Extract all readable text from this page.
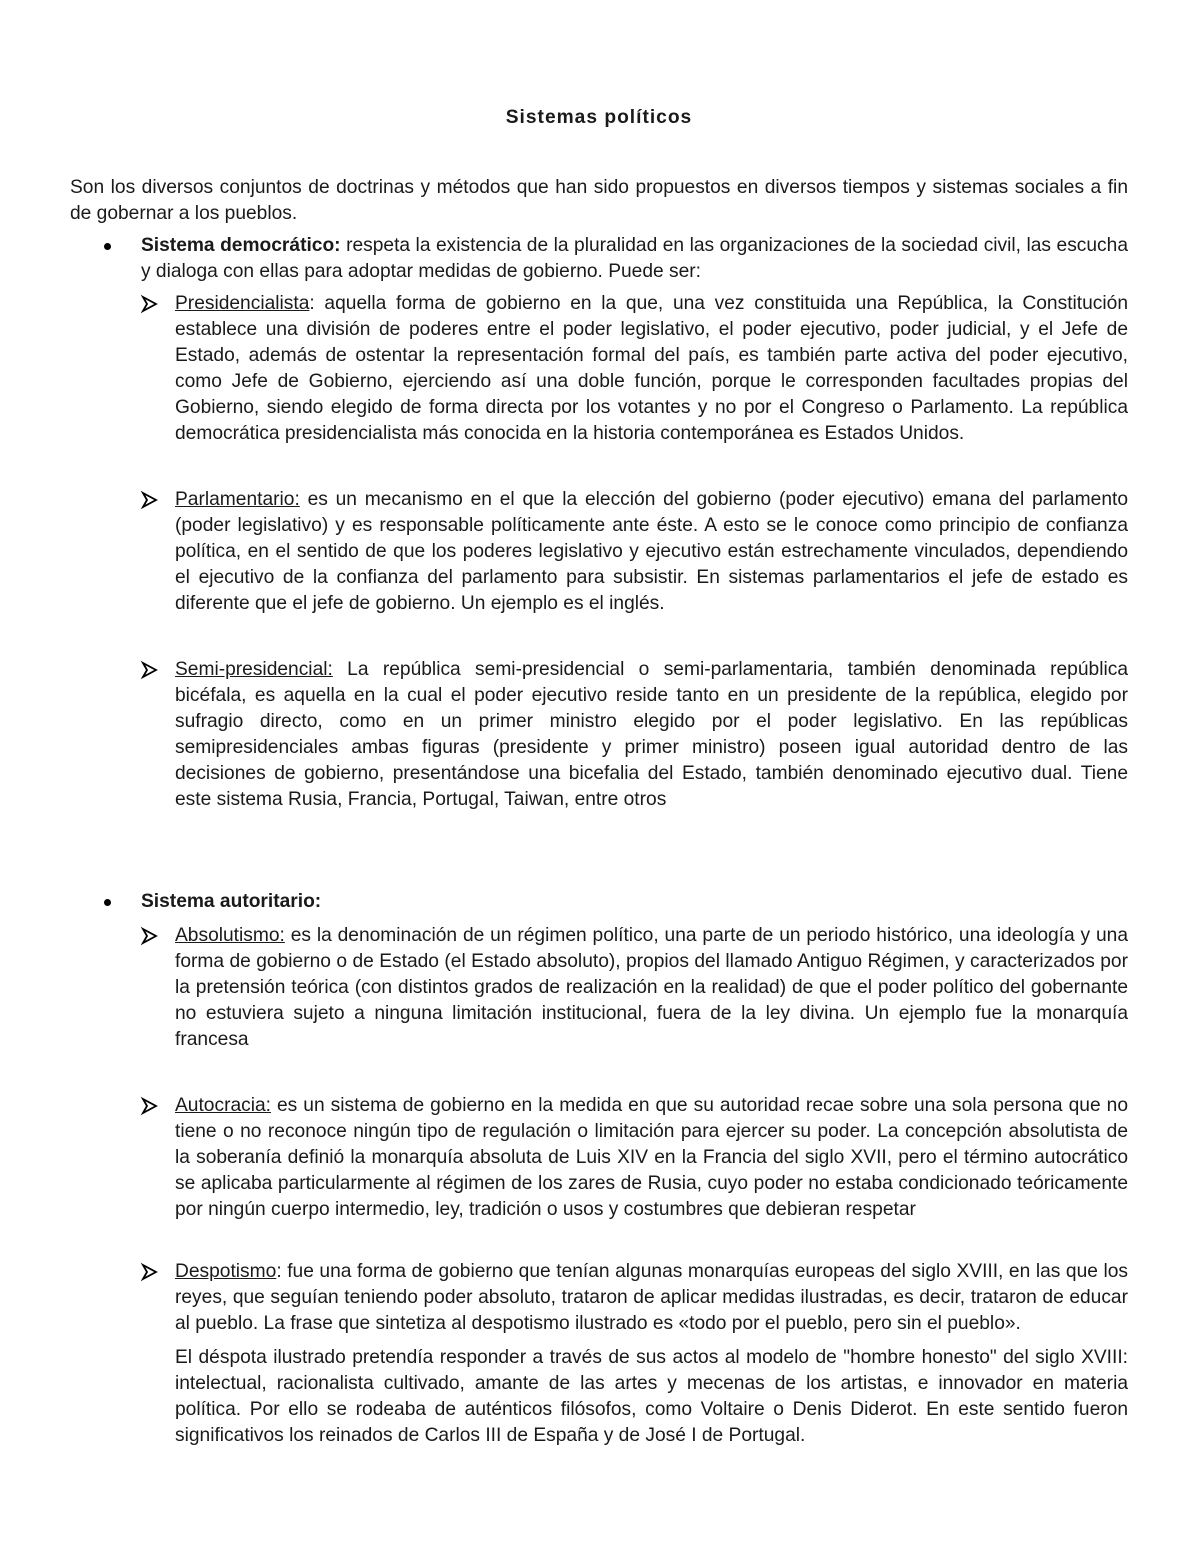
Sistemas políticos

Son los diversos conjuntos de doctrinas y métodos que han sido propuestos en diversos tiempos y sistemas sociales a fin de gobernar a los pueblos.

Sistema democrático: respeta la existencia de la pluralidad en las organizaciones de la sociedad civil, las escucha y dialoga con ellas para adoptar medidas de gobierno. Puede ser:
Presidencialista: aquella forma de gobierno en la que, una vez constituida una República, la Constitución establece una división de poderes entre el poder legislativo, el poder ejecutivo, poder judicial, y el Jefe de Estado, además de ostentar la representación formal del país, es también parte activa del poder ejecutivo, como Jefe de Gobierno, ejerciendo así una doble función, porque le corresponden facultades propias del Gobierno, siendo elegido de forma directa por los votantes y no por el Congreso o Parlamento. La república democrática presidencialista más conocida en la historia contemporánea es Estados Unidos.
Parlamentario: es un mecanismo en el que la elección del gobierno (poder ejecutivo) emana del parlamento (poder legislativo) y es responsable políticamente ante éste. A esto se le conoce como principio de confianza política, en el sentido de que los poderes legislativo y ejecutivo están estrechamente vinculados, dependiendo el ejecutivo de la confianza del parlamento para subsistir. En sistemas parlamentarios el jefe de estado es diferente que el jefe de gobierno. Un ejemplo es el inglés.
Semi-presidencial: La república semi-presidencial o semi-parlamentaria, también denominada república bicéfala, es aquella en la cual el poder ejecutivo reside tanto en un presidente de la república, elegido por sufragio directo, como en un primer ministro elegido por el poder legislativo. En las repúblicas semipresidenciales ambas figuras (presidente y primer ministro) poseen igual autoridad dentro de las decisiones de gobierno, presentándose una bicefalia del Estado, también denominado ejecutivo dual. Tiene este sistema Rusia, Francia, Portugal, Taiwan, entre otros
Sistema autoritario:
Absolutismo: es la denominación de un régimen político, una parte de un periodo histórico, una ideología y una forma de gobierno o de Estado (el Estado absoluto), propios del llamado Antiguo Régimen, y caracterizados por la pretensión teórica (con distintos grados de realización en la realidad) de que el poder político del gobernante no estuviera sujeto a ninguna limitación institucional, fuera de la ley divina. Un ejemplo fue la monarquía francesa
Autocracia: es un sistema de gobierno en la medida en que su autoridad recae sobre una sola persona que no tiene o no reconoce ningún tipo de regulación o limitación para ejercer su poder. La concepción absolutista de la soberanía definió la monarquía absoluta de Luis XIV en la Francia del siglo XVII, pero el término autocrático se aplicaba particularmente al régimen de los zares de Rusia, cuyo poder no estaba condicionado teóricamente por ningún cuerpo intermedio, ley, tradición o usos y costumbres que debieran respetar
Despotismo: fue una forma de gobierno que tenían algunas monarquías europeas del siglo XVIII, en las que los reyes, que seguían teniendo poder absoluto, trataron de aplicar medidas ilustradas, es decir, trataron de educar al pueblo. La frase que sintetiza al despotismo ilustrado es «todo por el pueblo, pero sin el pueblo».

El déspota ilustrado pretendía responder a través de sus actos al modelo de "hombre honesto" del siglo XVIII: intelectual, racionalista cultivado, amante de las artes y mecenas de los artistas, e innovador en materia política. Por ello se rodeaba de auténticos filósofos, como Voltaire o Denis Diderot. En este sentido fueron significativos los reinados de Carlos III de España y de José I de Portugal.
